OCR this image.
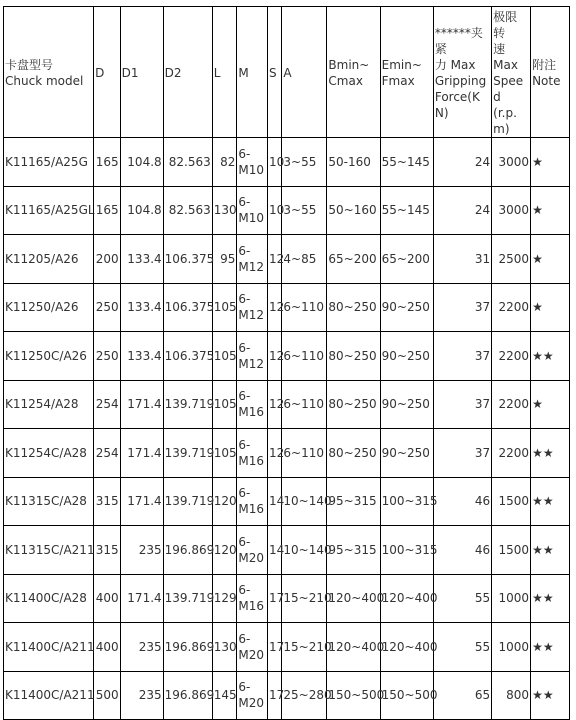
卡盘型号
Chuck model	D	D1	D2	L	M	S	A	Bmin~
Cmax	Emin~
Fmax	******夹紧
力 Max
Gripping
Force(KN)	极限转
速
Max
Speed
(r.p.m)	附注
Note

K11165/A25G	165	104.8	82.563	82	6-
M10	10	3~55	50-160	55~145	24	3000	★
K11165/A25GL	165	104.8	82.563	130	6-
M10	10	3~55	50~160	55~145	24	3000	★
K11205/A26	200	133.4	106.375	95	6-
M12	12	4~85	65~200	65~200	31	2500	★
K11250/A26	250	133.4	106.375	105	6-
M12	12	6~110	80~250	90~250	37	2200	★
K11250C/A26	250	133.4	106.375	105	6-
M12	12	6~110	80~250	90~250	37	2200	★★
K11254/A28	254	171.4	139.719	105	6-
M16	12	6~110	80~250	90~250	37	2200	★
K11254C/A28	254	171.4	139.719	105	6-
M16	12	6~110	80~250	90~250	37	2200	★★
K11315C/A28	315	171.4	139.719	120	6-
M16	14	10~140	95~315	100~315	46	1500	★★
K11315C/A211	315	235	196.869	120	6-
M20	14	10~140	95~315	100~315	46	1500	★★
K11400C/A28	400	171.4	139.719	129	6-
M16	17	15~210	120~400	120~400	55	1000	★★
K11400C/A211	400	235	196.869	130	6-
M20	17	15~210	120~400	120~400	55	1000	★★
K11400C/A211	500	235	196.869	145	6-
M20	17	25~280	150~500	150~500	65	800	★★
